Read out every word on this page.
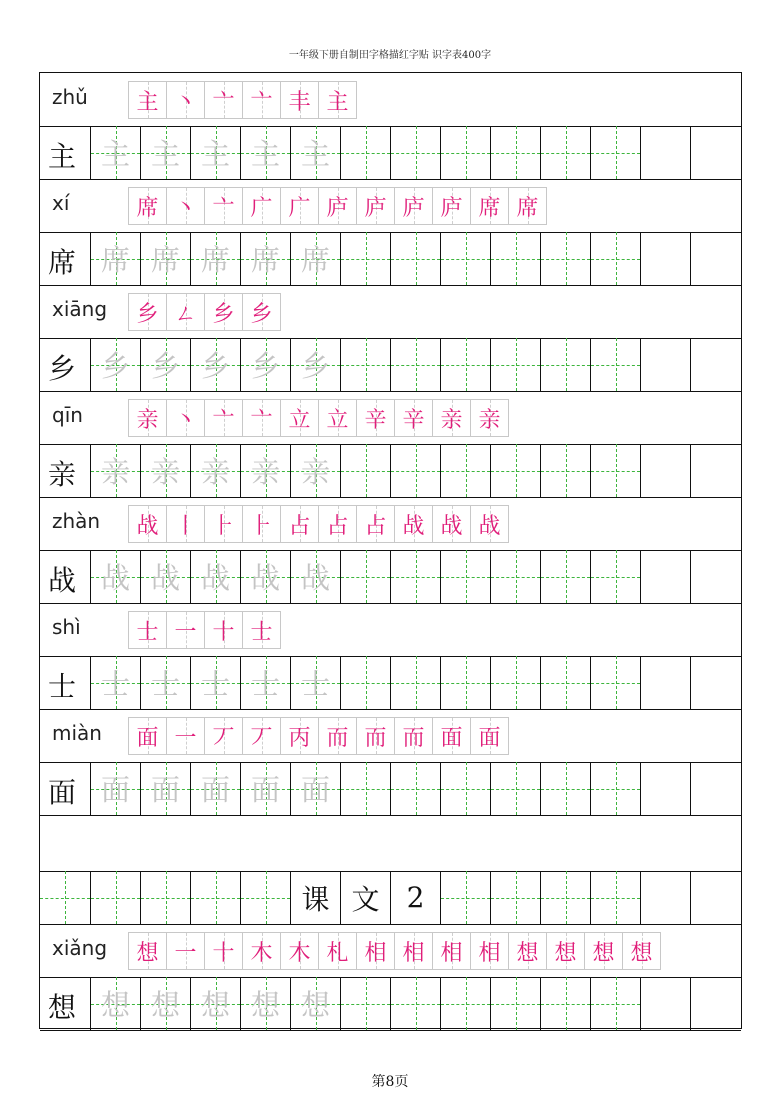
一年级下册自制田字格描红字贴 识字表400字
zhǔ 主 丶 亠 亠 丰 主
主 主 主 主 主 主
xí	席 丶 亠 广 广 庐 庐 庐 庐 席 席
席 席 席 席 席 席
xiāng 乡 ㄥ 乡 乡
乡 乡 乡 乡 乡 乡
qīn 亲 丶 亠 亠 立 立 辛 辛 亲 亲
亲 亲 亲 亲 亲 亲
zhàn 战 丨 ⺊ ⺊ 占 占 占 战 战 战
战 战 战 战 战 战
shì	士 一 十 士
士 士 士 士 士 士
miàn 面 一 丆 丆 丙 而 而 而 面 面
面 面 面 面 面 面
课 文 2
xiǎng 想 一 十 木 木 札 相 相 相 相 想 想 想 想
想 想 想 想 想 想
第8页
